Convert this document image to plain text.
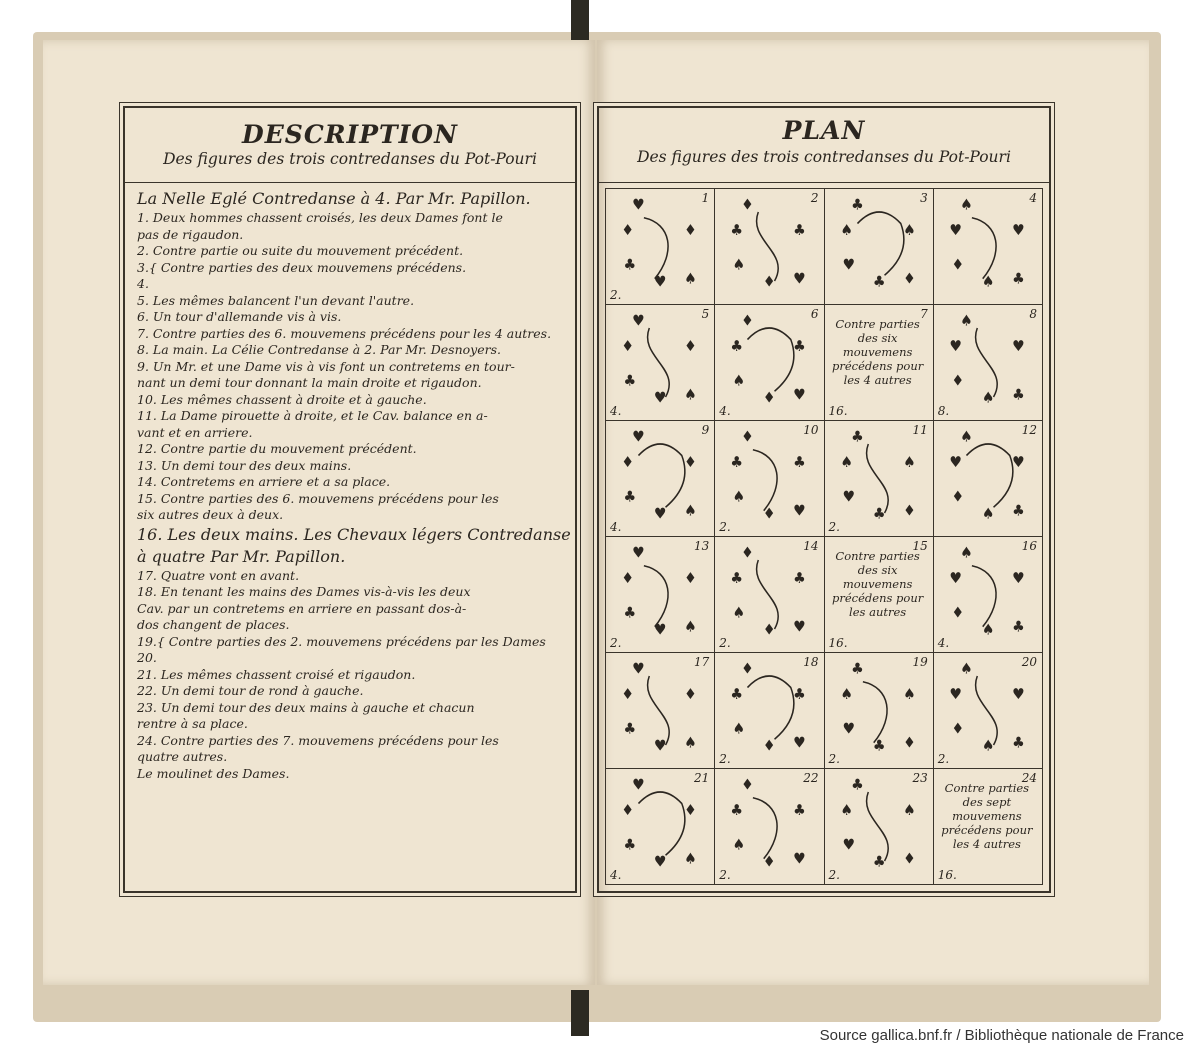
DESCRIPTION
Des figures des trois contredanses du Pot-Pouri
La Nelle Eglé Contredanse à 4. Par Mr. Papillon.
1. Deux hommes chassent croisés, les deux Dames font le
pas de rigaudon.
2. Contre partie ou suite du mouvement précédent.
3.{ Contre parties des deux mouvemens précédens.
4.
5. Les mêmes balancent l'un devant l'autre.
6. Un tour d'allemande vis à vis.
7. Contre parties des 6. mouvemens précédens pour les 4 autres.
8. La main. La Célie Contredanse à 2. Par Mr. Desnoyers.
9. Un Mr. et une Dame vis à vis font un contretems en tour-
nant un demi tour donnant la main droite et rigaudon.
10. Les mêmes chassent à droite et à gauche.
11. La Dame pirouette à droite, et le Cav. balance en a-
vant et en arriere.
12. Contre partie du mouvement précédent.
13. Un demi tour des deux mains.
14. Contretems en arriere et a sa place.
15. Contre parties des 6. mouvemens précédens pour les
six autres deux à deux.
16. Les deux mains. Les Chevaux légers Contredanse
à quatre Par Mr. Papillon.
17. Quatre vont en avant.
18. En tenant les mains des Dames vis-à-vis les deux
Cav. par un contretems en arriere en passant dos-à-
dos changent de places.
19.{ Contre parties des 2. mouvemens précédens par les Dames
20.
21. Les mêmes chassent croisé et rigaudon.
22. Un demi tour de rond à gauche.
23. Un demi tour des deux mains à gauche et chacun
rentre à sa place.
24. Contre parties des 7. mouvemens précédens pour les
quatre autres.
Le moulinet des Dames.
PLAN
Des figures des trois contredanses du Pot-Pouri
1
♥
♦
♣
♠
♥
♦
2.
2
♦
♣
♠
♥
♦
♣
3
♣
♠
♥
♦
♣
♠
4
♠
♥
♦
♣
♠
♥
5
♥
♦
♣
♠
♥
♦
4.
6
♦
♣
♠
♥
♦
♣
4.
7
Contre parties des six mouvemens précédens pour les 4 autres
16.
8
♠
♥
♦
♣
♠
♥
8.
9
♥
♦
♣
♠
♥
♦
4.
10
♦
♣
♠
♥
♦
♣
2.
11
♣
♠
♥
♦
♣
♠
2.
12
♠
♥
♦
♣
♠
♥
13
♥
♦
♣
♠
♥
♦
2.
14
♦
♣
♠
♥
♦
♣
2.
15
Contre parties des six mouvemens précédens pour les autres
16.
16
♠
♥
♦
♣
♠
♥
4.
17
♥
♦
♣
♠
♥
♦
18
♦
♣
♠
♥
♦
♣
2.
19
♣
♠
♥
♦
♣
♠
2.
20
♠
♥
♦
♣
♠
♥
2.
21
♥
♦
♣
♠
♥
♦
4.
22
♦
♣
♠
♥
♦
♣
2.
23
♣
♠
♥
♦
♣
♠
2.
24
Contre parties des sept mouvemens précédens pour les 4 autres
16.
Source gallica.bnf.fr / Bibliothèque nationale de France
